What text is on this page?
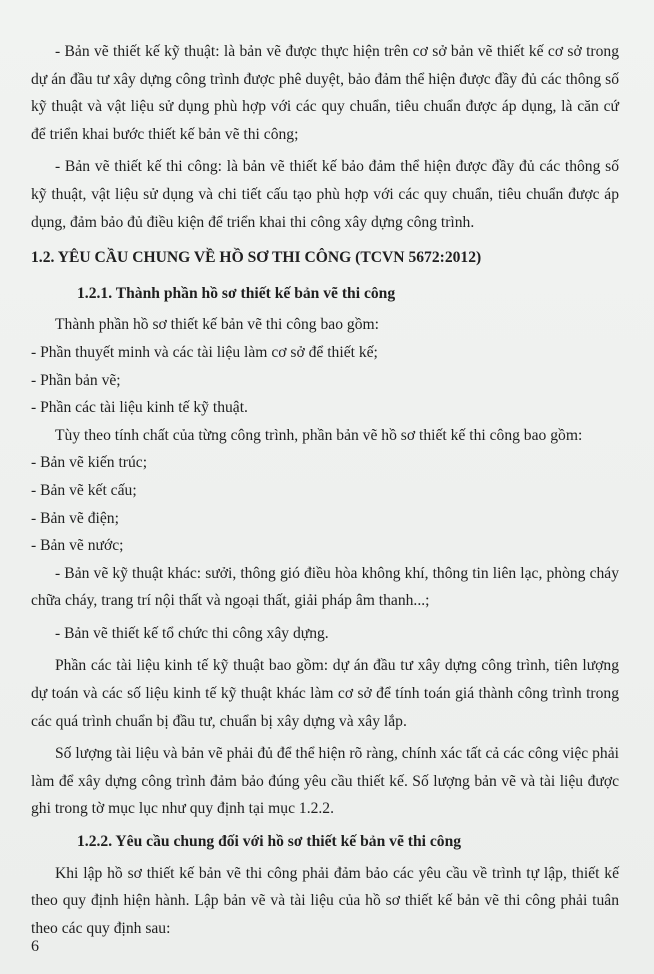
- Bản vẽ thiết kế kỹ thuật: là bản vẽ được thực hiện trên cơ sở bản vẽ thiết kế cơ sở trong dự án đầu tư xây dựng công trình được phê duyệt, bảo đảm thể hiện được đầy đủ các thông số kỹ thuật và vật liệu sử dụng phù hợp với các quy chuẩn, tiêu chuẩn được áp dụng, là căn cứ để triển khai bước thiết kế bản vẽ thi công;

- Bản vẽ thiết kế thi công: là bản vẽ thiết kế bảo đảm thể hiện được đầy đủ các thông số kỹ thuật, vật liệu sử dụng và chi tiết cấu tạo phù hợp với các quy chuẩn, tiêu chuẩn được áp dụng, đảm bảo đủ điều kiện để triển khai thi công xây dựng công trình.

1.2. YÊU CẦU CHUNG VỀ HỒ SƠ THI CÔNG (TCVN 5672:2012)
1.2.1. Thành phần hồ sơ thiết kế bản vẽ thi công

Thành phần hồ sơ thiết kế bản vẽ thi công bao gồm:

- Phần thuyết minh và các tài liệu làm cơ sở để thiết kế;

- Phần bản vẽ;

- Phần các tài liệu kinh tế kỹ thuật.

Tùy theo tính chất của từng công trình, phần bản vẽ hồ sơ thiết kế thi công bao gồm:

- Bản vẽ kiến trúc;

- Bản vẽ kết cấu;

- Bản vẽ điện;

- Bản vẽ nước;

- Bản vẽ kỹ thuật khác: sưởi, thông gió điều hòa không khí, thông tin liên lạc, phòng cháy chữa cháy, trang trí nội thất và ngoại thất, giải pháp âm thanh...;

- Bản vẽ thiết kế tổ chức thi công xây dựng.

Phần các tài liệu kinh tế kỹ thuật bao gồm: dự án đầu tư xây dựng công trình, tiên lượng dự toán và các số liệu kinh tế kỹ thuật khác làm cơ sở để tính toán giá thành công trình trong các quá trình chuẩn bị đầu tư, chuẩn bị xây dựng và xây lắp.

Số lượng tài liệu và bản vẽ phải đủ để thể hiện rõ ràng, chính xác tất cả các công việc phải làm để xây dựng công trình đảm bảo đúng yêu cầu thiết kế. Số lượng bản vẽ và tài liệu được ghi trong tờ mục lục như quy định tại mục 1.2.2.

1.2.2. Yêu cầu chung đối với hồ sơ thiết kế bản vẽ thi công

Khi lập hồ sơ thiết kế bản vẽ thi công phải đảm bảo các yêu cầu về trình tự lập, thiết kế theo quy định hiện hành. Lập bản vẽ và tài liệu của hồ sơ thiết kế bản vẽ thi công phải tuân theo các quy định sau:

6
